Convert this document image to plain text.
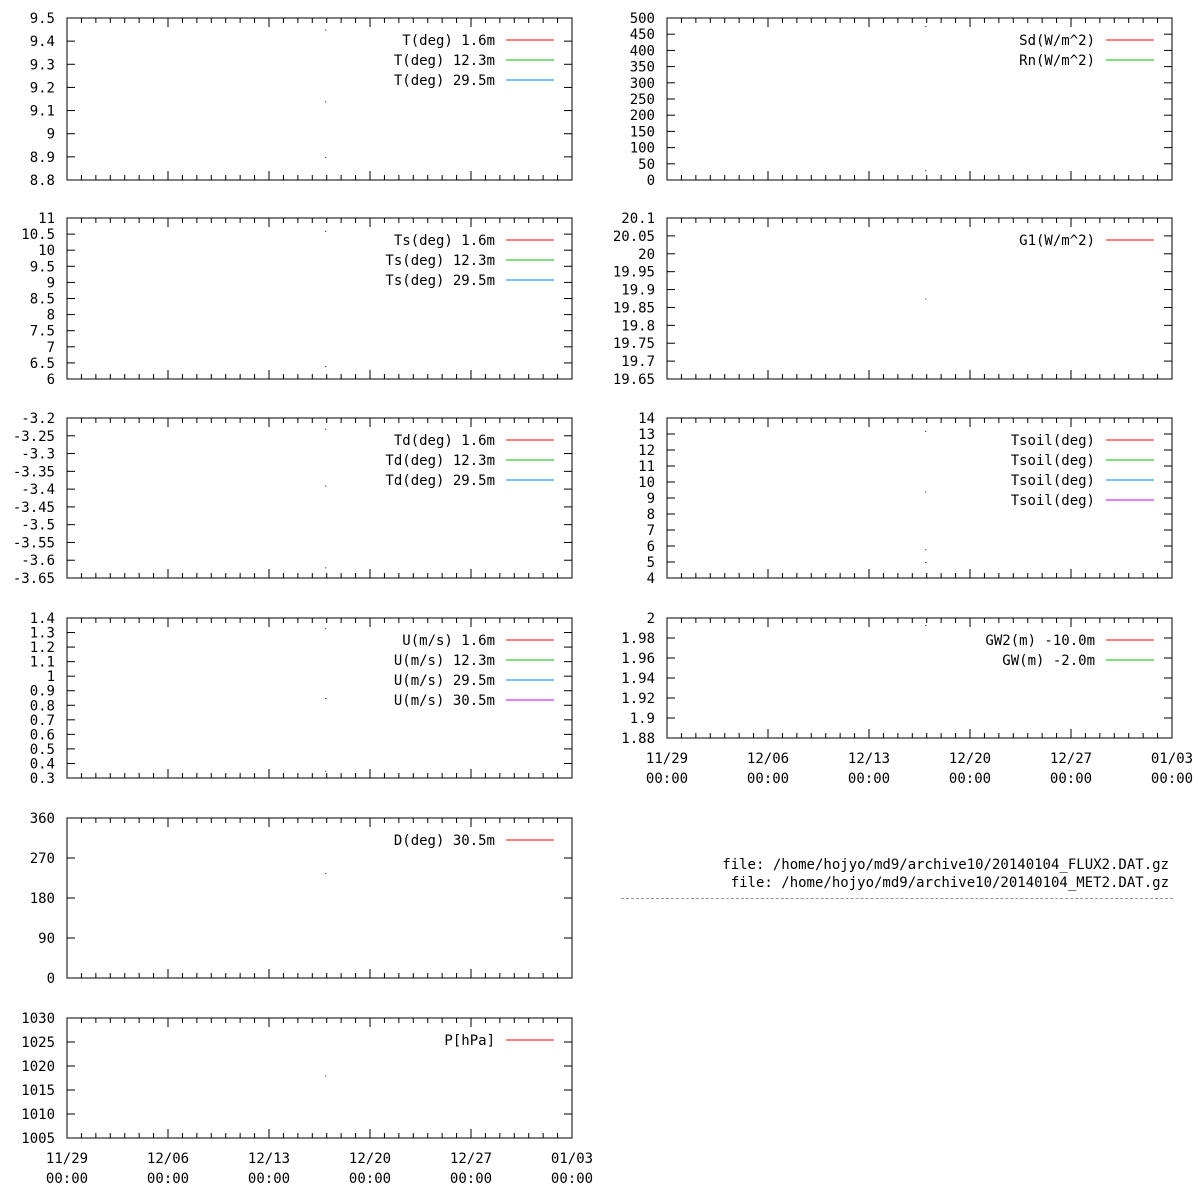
9.5
9.4
9.3
9.2
9.1
9
8.9
8.8
T(deg) 1.6m
T(deg) 12.3m
T(deg) 29.5m
500
450
400
350
300
250
200
150
100
50
0
Sd(W/m^2)
Rn(W/m^2)
11
10.5
10
9.5
9
8.5
8
7.5
7
6.5
6
Ts(deg) 1.6m
Ts(deg) 12.3m
Ts(deg) 29.5m
20.1
20.05
20
19.95
19.9
19.85
19.8
19.75
19.7
19.65
G1(W/m^2)
-3.2
-3.25
-3.3
-3.35
-3.4
-3.45
-3.5
-3.55
-3.6
-3.65
Td(deg) 1.6m
Td(deg) 12.3m
Td(deg) 29.5m
14
13
12
11
10
9
8
7
6
5
4
Tsoil(deg)
Tsoil(deg)
Tsoil(deg)
Tsoil(deg)
1.4
1.3
1.2
1.1
1
0.9
0.8
0.7
0.6
0.5
0.4
0.3
U(m/s) 1.6m
U(m/s) 12.3m
U(m/s) 29.5m
U(m/s) 30.5m
2
1.98
1.96
1.94
1.92
1.9
1.88
11/29
00:00
12/06
00:00
12/13
00:00
12/20
00:00
12/27
00:00
01/03
00:00
GW2(m) -10.0m
GW(m) -2.0m
360
270
180
90
0
D(deg) 30.5m
1030
1025
1020
1015
1010
1005
11/29
00:00
12/06
00:00
12/13
00:00
12/20
00:00
12/27
00:00
01/03
00:00
P[hPa]
file: /home/hojyo/md9/archive10/20140104_FLUX2.DAT.gz
file: /home/hojyo/md9/archive10/20140104_MET2.DAT.gz
